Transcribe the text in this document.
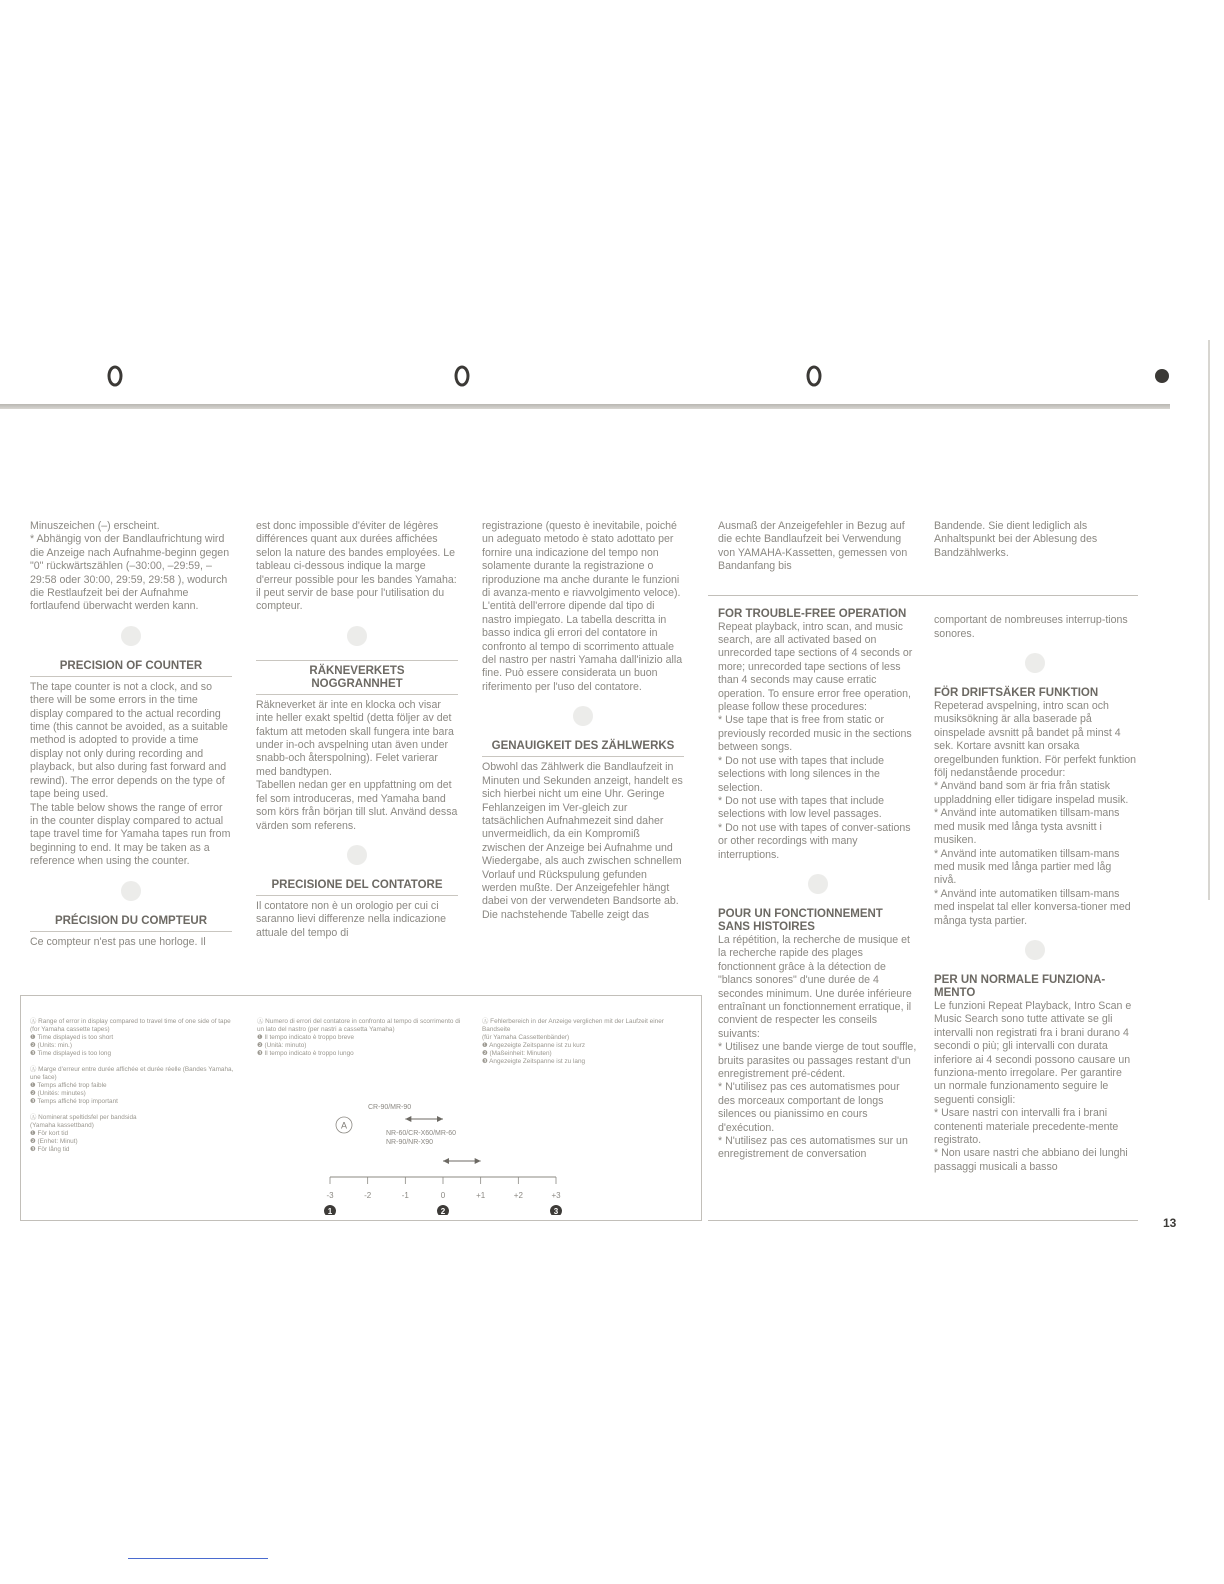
Minuszeichen (–) erscheint.
* Abhängig von der Bandlaufrichtung wird die Anzeige nach Aufnahme-beginn gegen "0" rückwärtszählen (–30:00, –29:59, –29:58 oder 30:00, 29:59, 29:58 ), wodurch die Restlaufzeit bei der Aufnahme fortlaufend überwacht werden kann.

PRECISION OF COUNTER

The tape counter is not a clock, and so there will be some errors in the time display compared to the actual recording time (this cannot be avoided, as a suitable method is adopted to provide a time display not only during recording and playback, but also during fast forward and rewind). The error depends on the type of tape being used.
The table below shows the range of error in the counter display compared to actual tape travel time for Yamaha tapes run from beginning to end. It may be taken as a reference when using the counter.

PRÉCISION DU COMPTEUR

Ce compteur n'est pas une horloge. Il

est donc impossible d'éviter de légères différences quant aux durées affichées selon la nature des bandes employées. Le tableau ci-dessous indique la marge d'erreur possible pour les bandes Yamaha: il peut servir de base pour l'utilisation du compteur.

RÄKNEVERKETS
NOGGRANNHET

Räkneverket är inte en klocka och visar inte heller exakt speltid (detta följer av det faktum att metoden skall fungera inte bara under in-och avspelning utan även under snabb-och återspolning). Felet varierar med bandtypen.
Tabellen nedan ger en uppfattning om det fel som introduceras, med Yamaha band som körs från början till slut. Använd dessa värden som referens.

PRECISIONE DEL CONTATORE

Il contatore non è un orologio per cui ci saranno lievi differenze nella indicazione attuale del tempo di

registrazione (questo è inevitabile, poiché un adeguato metodo è stato adottato per fornire una indicazione del tempo non solamente durante la registrazione o riproduzione ma anche durante le funzioni di avanza-mento e riavvolgimento veloce).
L'entità dell'errore dipende dal tipo di nastro impiegato. La tabella descritta in basso indica gli errori del contatore in confronto al tempo di scorrimento attuale del nastro per nastri Yamaha dall'inizio alla fine. Può essere considerata un buon riferimento per l'uso del contatore.

GENAUIGKEIT DES ZÄHLWERKS

Obwohl das Zählwerk die Bandlaufzeit in Minuten und Sekunden anzeigt, handelt es sich hierbei nicht um eine Uhr. Geringe Fehlanzeigen im Ver-gleich zur tatsächlichen Aufnahmezeit sind daher unvermeidlich, da ein Kompromiß zwischen der Anzeige bei Aufnahme und Wiedergabe, als auch zwischen schnellem Vorlauf und Rückspulung gefunden werden mußte. Der Anzeigefehler hängt dabei von der verwendeten Bandsorte ab. Die nachstehende Tabelle zeigt das

Ausmaß der Anzeigefehler in Bezug auf die echte Bandlaufzeit bei Verwendung von YAMAHA-Kassetten, gemessen von Bandanfang bis

FOR TROUBLE-FREE OPERATION

Repeat playback, intro scan, and music search, are all activated based on unrecorded tape sections of 4 seconds or more; unrecorded tape sections of less than 4 seconds may cause erratic operation. To ensure error free operation, please follow these procedures:
* Use tape that is free from static or previously recorded music in the sections between songs.
* Do not use with tapes that include selections with long silences in the selection.
* Do not use with tapes that include selections with low level passages.
* Do not use with tapes of conver-sations or other recordings with many interruptions.

POUR UN FONCTIONNEMENT
SANS HISTOIRES

La répétition, la recherche de musique et la recherche rapide des plages fonctionnent grâce à la détection de "blancs sonores" d'une durée de 4 secondes minimum. Une durée inférieure entraînant un fonctionnement erratique, il convient de respecter les conseils suivants:
* Utilisez une bande vierge de tout souffle, bruits parasites ou passages restant d'un enregistrement pré-cédent.
* N'utilisez pas ces automatismes pour des morceaux comportant de longs silences ou pianissimo en cours d'exécution.
* N'utilisez pas ces automatismes sur un enregistrement de conversation

Bandende. Sie dient lediglich als Anhaltspunkt bei der Ablesung des Bandzählwerks.

comportant de nombreuses interrup-tions sonores.

FÖR DRIFTSÄKER FUNKTION

Repeterad avspelning, intro scan och musiksökning är alla baserade på oinspelade avsnitt på bandet på minst 4 sek. Kortare avsnitt kan orsaka oregelbunden funktion. För perfekt funktion följ nedanstående procedur:
* Använd band som är fria från statisk uppladdning eller tidigare inspelad musik.
* Använd inte automatiken tillsam-mans med musik med långa tysta avsnitt i musiken.
* Använd inte automatiken tillsam-mans med musik med långa partier med låg nivå.
* Använd inte automatiken tillsam-mans med inspelat tal eller konversa-tioner med många tysta partier.

PER UN NORMALE FUNZIONA-
MENTO

Le funzioni Repeat Playback, Intro Scan e Music Search sono tutte attivate se gli intervalli non registrati fra i brani durano 4 secondi o più; gli intervalli con durata inferiore ai 4 secondi possono causare un funziona-mento irregolare. Per garantire un normale funzionamento seguire le seguenti consigli:
* Usare nastri con intervalli fra i brani contenenti materiale precedente-mente registrato.
* Non usare nastri che abbiano dei lunghi passaggi musicali a basso

Ⓐ Range of error in display compared to travel time of one side of tape
(for Yamaha cassette tapes)
❶ Time displayed is too short
❷ (Units: min.)
❸ Time displayed is too long

Ⓐ Marge d'erreur entre durée affichée et durée réelle (Bandes Yamaha, une face)
❶ Temps affiché trop faible
❷ (Unités: minutes)
❸ Temps affiché trop important

Ⓐ Nominerat speltidsfel per bandsida
(Yamaha kassettband)
❶ För kort tid
❷ (Enhet: Minut)
❸ För lång tid

Ⓐ Numero di errori del contatore in confronto al tempo di scorrimento di un lato del nastro (per nastri a cassetta Yamaha)
❶ Il tempo indicato è troppo breve
❷ (Unità: minuto)
❸ Il tempo indicato è troppo lungo

Ⓐ Fehlerbereich in der Anzeige verglichen mit der Laufzeit einer Bandseite
(für Yamaha Cassettenbänder)
❶ Angezeigte Zeitspanne ist zu kurz
❷ (Maßeinheit: Minuten)
❸ Angezeigte Zeitspanne ist zu lang

A
-3	-2	-1	0	+1	+2	+3
CR-90/MR-90
NR-60/CR-X60/MR-60
NR-90/NR-X90
1	2	3
13
